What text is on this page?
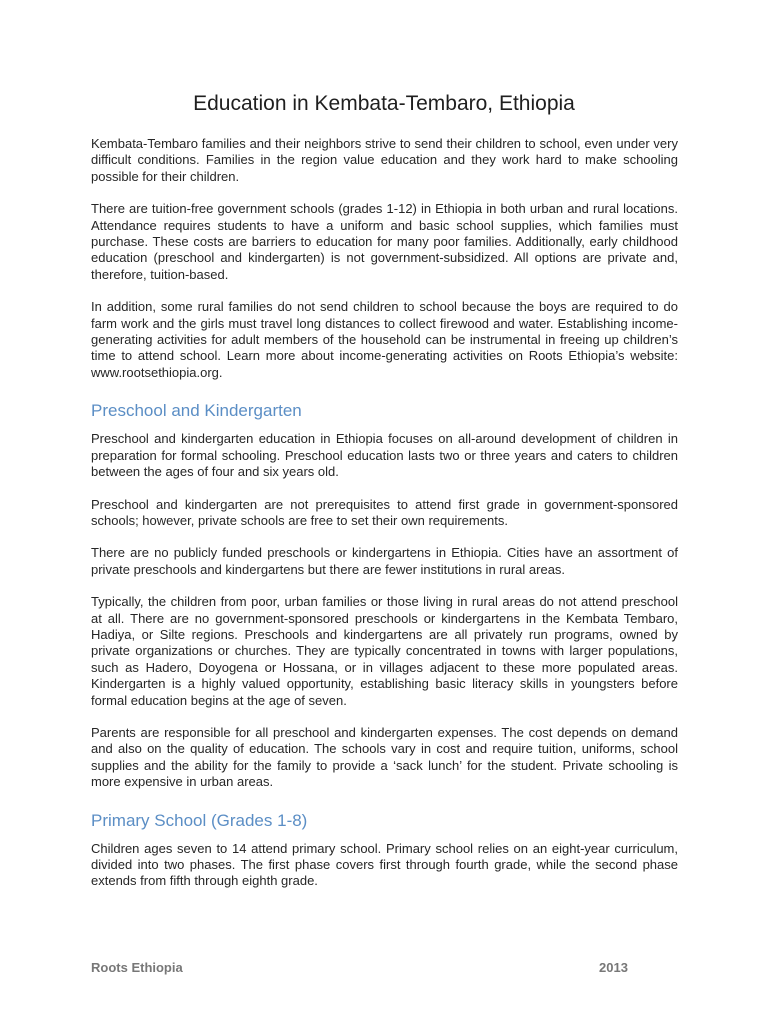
Education in Kembata-Tembaro, Ethiopia

Kembata-Tembaro families and their neighbors strive to send their children to school, even under very difficult conditions. Families in the region value education and they work hard to make schooling possible for their children.

There are tuition-free government schools (grades 1-12) in Ethiopia in both urban and rural locations. Attendance requires students to have a uniform and basic school supplies, which families must purchase. These costs are barriers to education for many poor families. Additionally, early childhood education (preschool and kindergarten) is not government-subsidized. All options are private and, therefore, tuition-based.

In addition, some rural families do not send children to school because the boys are required to do farm work and the girls must travel long distances to collect firewood and water. Establishing income-generating activities for adult members of the household can be instrumental in freeing up children’s time to attend school. Learn more about income-generating activities on Roots Ethiopia’s website: www.rootsethiopia.org.

Preschool and Kindergarten

Preschool and kindergarten education in Ethiopia focuses on all-around development of children in preparation for formal schooling. Preschool education lasts two or three years and caters to children between the ages of four and six years old.

Preschool and kindergarten are not prerequisites to attend first grade in government-sponsored schools; however, private schools are free to set their own requirements.

There are no publicly funded preschools or kindergartens in Ethiopia. Cities have an assortment of private preschools and kindergartens but there are fewer institutions in rural areas.

Typically, the children from poor, urban families or those living in rural areas do not attend preschool at all. There are no government-sponsored preschools or kindergartens in the Kembata Tembaro, Hadiya, or Silte regions. Preschools and kindergartens are all privately run programs, owned by private organizations or churches. They are typically concentrated in towns with larger populations, such as Hadero, Doyogena or Hossana, or in villages adjacent to these more populated areas. Kindergarten is a highly valued opportunity, establishing basic literacy skills in youngsters before formal education begins at the age of seven.

Parents are responsible for all preschool and kindergarten expenses. The cost depends on demand and also on the quality of education. The schools vary in cost and require tuition, uniforms, school supplies and the ability for the family to provide a ‘sack lunch’ for the student. Private schooling is more expensive in urban areas.

Primary School (Grades 1-8)

Children ages seven to 14 attend primary school. Primary school relies on an eight-year curriculum, divided into two phases. The first phase covers first through fourth grade, while the second phase extends from fifth through eighth grade.

Roots Ethiopia	2013
